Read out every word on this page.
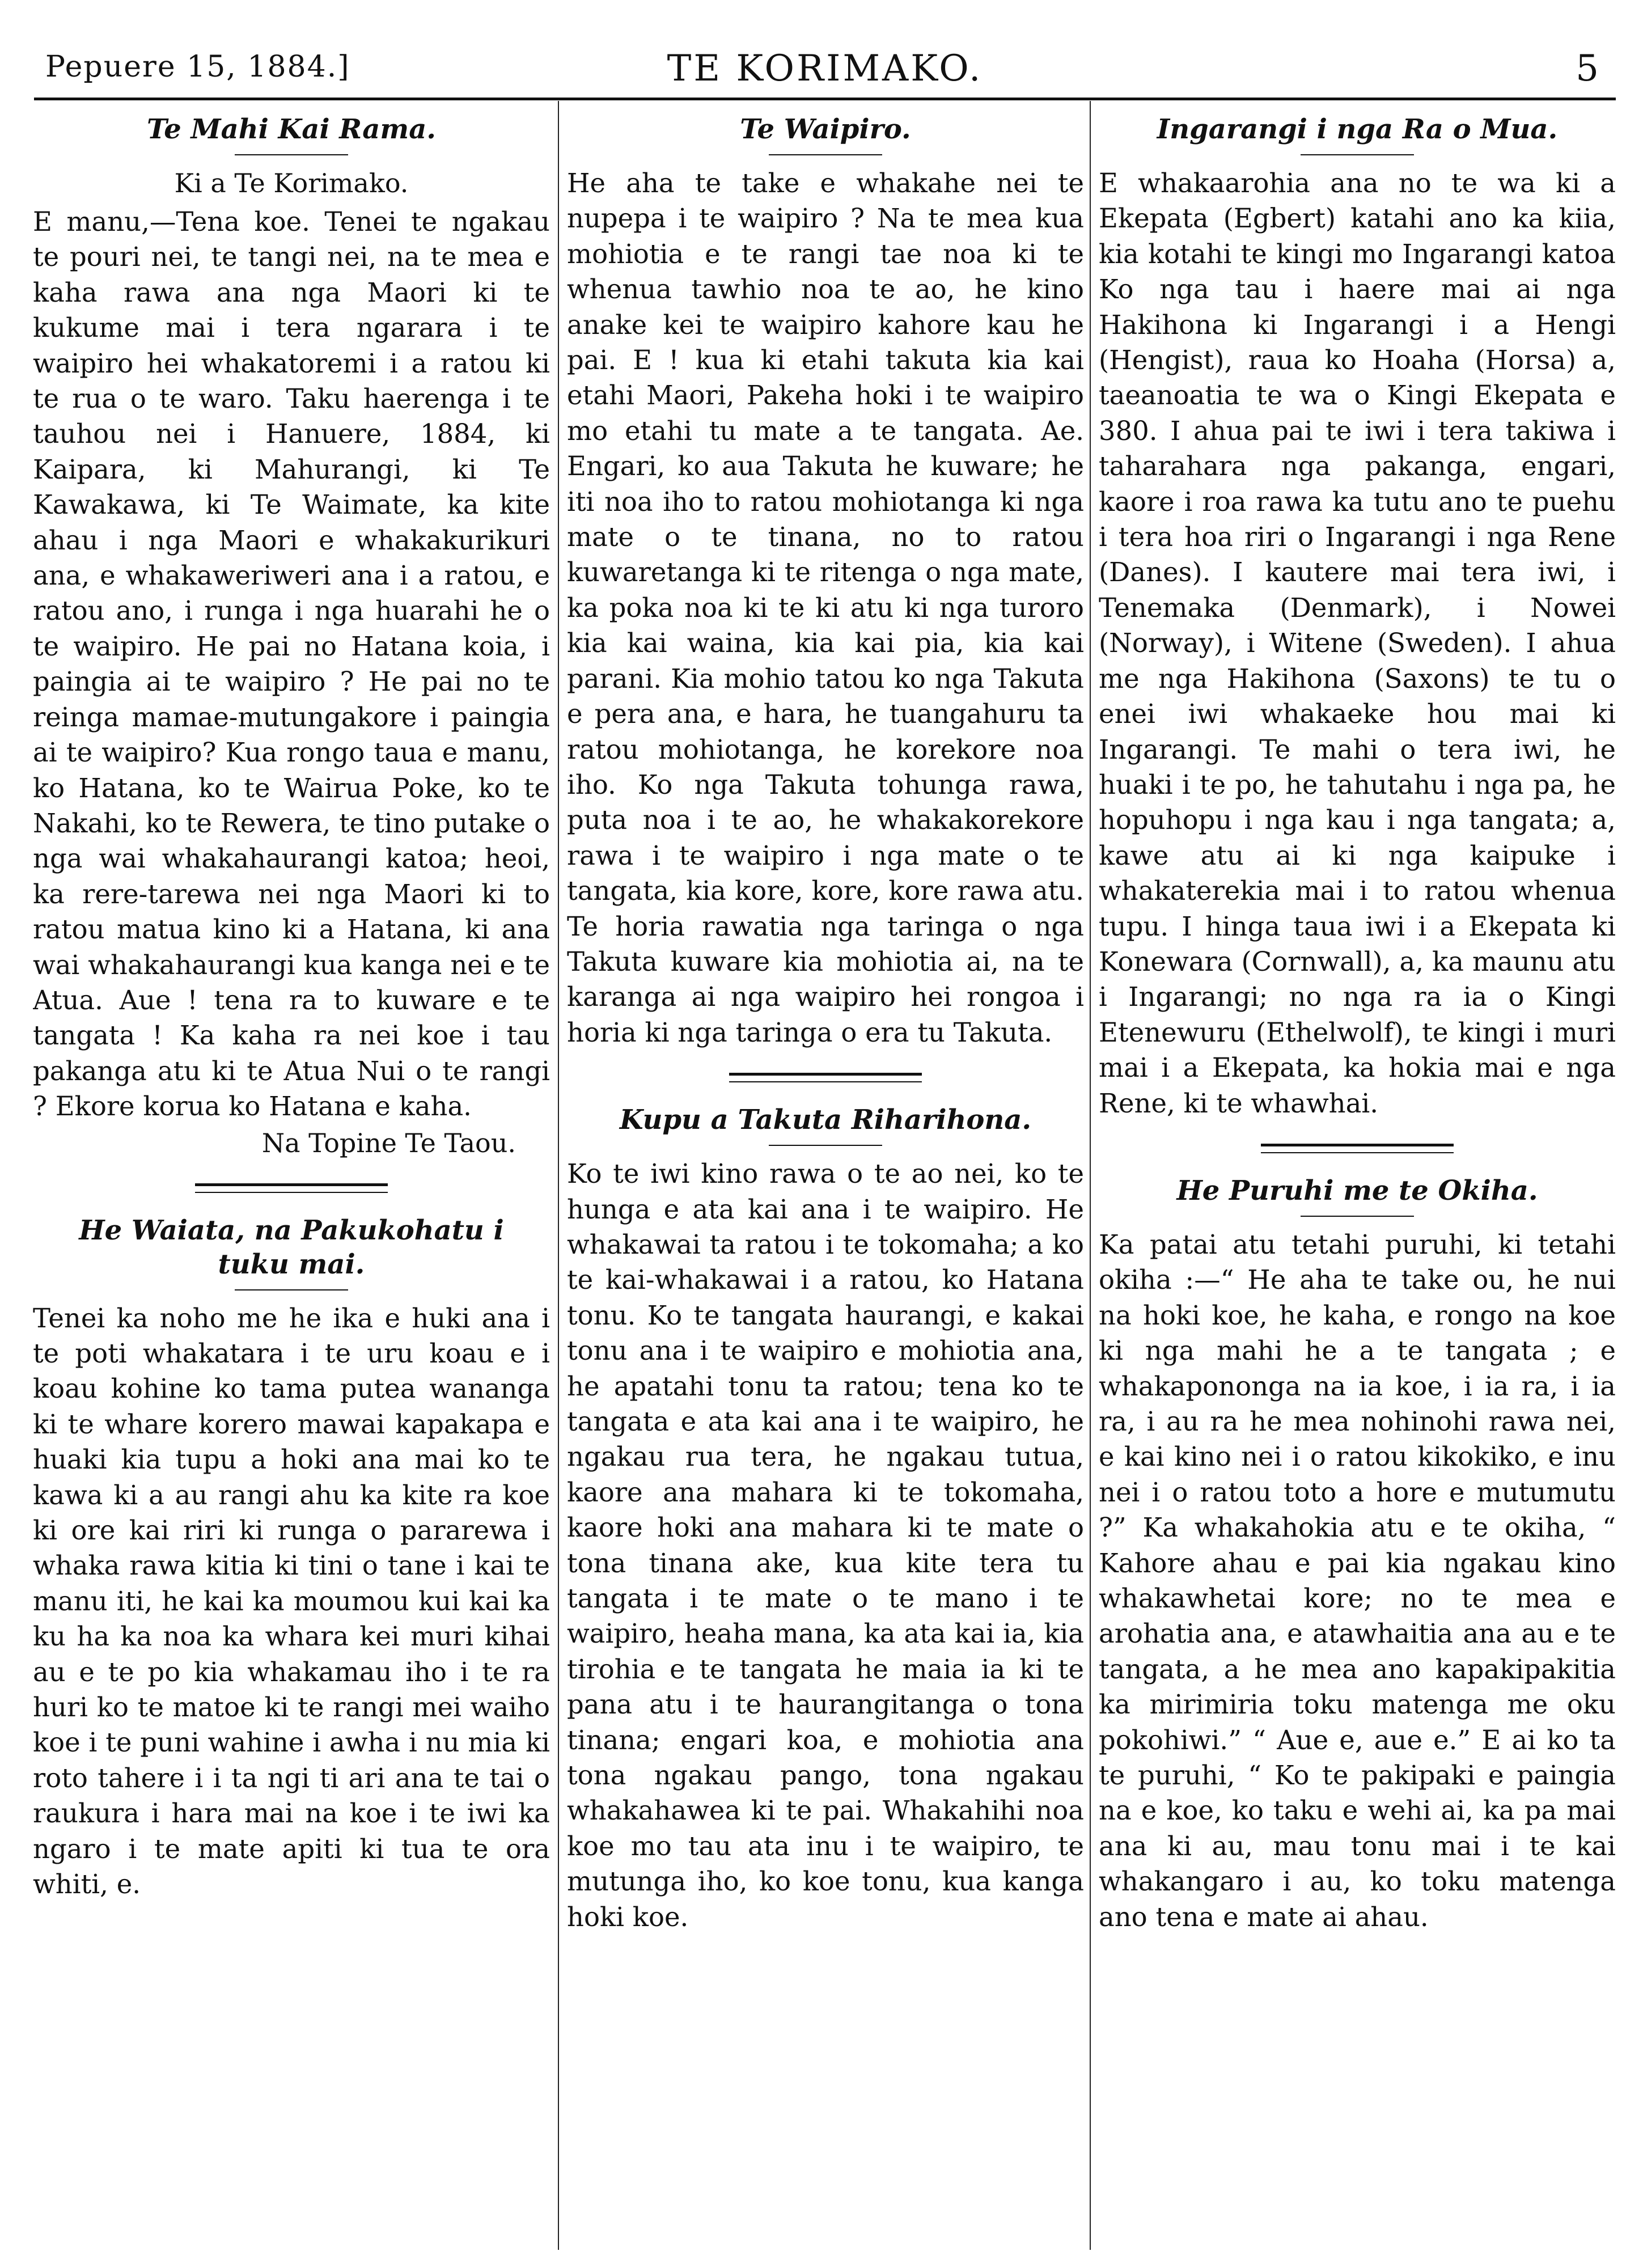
Pepuere 15, 1884.]	TE KORIMAKO.	5
Te Mahi Kai Rama.
Ki a Te Korimako.

E manu,—Tena koe. Tenei te ngakau te pouri nei, te tangi nei, na te mea e kaha rawa ana nga Maori ki te kukume mai i tera ngarara i te waipiro hei whakatoremi i a ratou ki te rua o te waro. Taku haerenga i te tauhou nei i Hanuere, 1884, ki Kaipara, ki Mahurangi, ki Te Kawakawa, ki Te Waimate, ka kite ahau i nga Maori e whakakurikuri ana, e whakaweriweri ana i a ratou, e ratou ano, i runga i nga huarahi he o te waipiro. He pai no Hatana koia, i paingia ai te waipiro ? He pai no te reinga mamae-mutungakore i paingia ai te waipiro? Kua rongo taua e manu, ko Hatana, ko te Wairua Poke, ko te Nakahi, ko te Rewera, te tino putake o nga wai whakahaurangi katoa; heoi, ka rere-tarewa nei nga Maori ki to ratou matua kino ki a Hatana, ki ana wai whakahaurangi kua kanga nei e te Atua. Aue ! tena ra to kuware e te tangata ! Ka kaha ra nei koe i tau pakanga atu ki te Atua Nui o te rangi ? Ekore korua ko Hatana e kaha.

Na Topine Te Taou.
He Waiata, na Pakukohatu i tuku mai.

Tenei ka noho me he ika e huki ana i te poti whakatara i te uru koau e i koau kohine ko tama putea wananga ki te whare korero mawai kapakapa e huaki kia tupu a hoki ana mai ko te kawa ki a au rangi ahu ka kite ra koe ki ore kai riri ki runga o pararewa i whaka rawa kitia ki tini o tane i kai te manu iti, he kai ka moumou kui kai ka ku ha ka noa ka whara kei muri kihai au e te po kia whakamau iho i te ra huri ko te matoe ki te rangi mei waiho koe i te puni wahine i awha i nu mia ki roto tahere i i ta ngi ti ari ana te tai o raukura i hara mai na koe i te iwi ka ngaro i te mate apiti ki tua te ora whiti, e.

Te Waipiro.

He aha te take e whakahe nei te nupepa i te waipiro ? Na te mea kua mohiotia e te rangi tae noa ki te whenua tawhio noa te ao, he kino anake kei te waipiro kahore kau he pai. E ! kua ki etahi takuta kia kai etahi Maori, Pakeha hoki i te waipiro mo etahi tu mate a te tangata. Ae. Engari, ko aua Takuta he kuware; he iti noa iho to ratou mohiotanga ki nga mate o te tinana, no to ratou kuwaretanga ki te ritenga o nga mate, ka poka noa ki te ki atu ki nga turoro kia kai waina, kia kai pia, kia kai parani. Kia mohio tatou ko nga Takuta e pera ana, e hara, he tuangahuru ta ratou mohiotanga, he korekore noa iho. Ko nga Takuta tohunga rawa, puta noa i te ao, he whakakorekore rawa i te waipiro i nga mate o te tangata, kia kore, kore, kore rawa atu. Te horia rawatia nga taringa o nga Takuta kuware kia mohiotia ai, na te karanga ai nga waipiro hei rongoa i horia ki nga taringa o era tu Takuta.

Kupu a Takuta Riharihona.

Ko te iwi kino rawa o te ao nei, ko te hunga e ata kai ana i te waipiro. He whakawai ta ratou i te tokomaha; a ko te kai-whakawai i a ratou, ko Hatana tonu. Ko te tangata haurangi, e kakai tonu ana i te waipiro e mohiotia ana, he apatahi tonu ta ratou; tena ko te tangata e ata kai ana i te waipiro, he ngakau rua tera, he ngakau tutua, kaore ana mahara ki te tokomaha, kaore hoki ana mahara ki te mate o tona tinana ake, kua kite tera tu tangata i te mate o te mano i te waipiro, heaha mana, ka ata kai ia, kia tirohia e te tangata he maia ia ki te pana atu i te haurangitanga o tona tinana; engari koa, e mohiotia ana tona ngakau pango, tona ngakau whakahawea ki te pai. Whakahihi noa koe mo tau ata inu i te waipiro, te mutunga iho, ko koe tonu, kua kanga hoki koe.

Ingarangi i nga Ra o Mua.

E whakaarohia ana no te wa ki a Ekepata (Egbert) katahi ano ka kiia, kia kotahi te kingi mo Ingarangi katoa Ko nga tau i haere mai ai nga Hakihona ki Ingarangi i a Hengi (Hengist), raua ko Hoaha (Horsa) a, taeanoatia te wa o Kingi Ekepata e 380. I ahua pai te iwi i tera takiwa i taharahara nga pakanga, engari, kaore i roa rawa ka tutu ano te puehu i tera hoa riri o Ingarangi i nga Rene (Danes). I kautere mai tera iwi, i Tenemaka (Denmark), i Nowei (Norway), i Witene (Sweden). I ahua me nga Hakihona (Saxons) te tu o enei iwi whakaeke hou mai ki Ingarangi. Te mahi o tera iwi, he huaki i te po, he tahutahu i nga pa, he hopuhopu i nga kau i nga tangata; a, kawe atu ai ki nga kaipuke i whakaterekia mai i to ratou whenua tupu. I hinga taua iwi i a Ekepata ki Konewara (Cornwall), a, ka maunu atu i Ingarangi; no nga ra ia o Kingi Etenewuru (Ethelwolf), te kingi i muri mai i a Ekepata, ka hokia mai e nga Rene, ki te whawhai.

He Puruhi me te Okiha.

Ka patai atu tetahi puruhi, ki tetahi okiha :—“ He aha te take ou, he nui na hoki koe, he kaha, e rongo na koe ki nga mahi he a te tangata ; e whakapononga na ia koe, i ia ra, i ia ra, i au ra he mea nohinohi rawa nei, e kai kino nei i o ratou kikokiko, e inu nei i o ratou toto a hore e mutumutu ?” Ka whakahokia atu e te okiha, “ Kahore ahau e pai kia ngakau kino whakawhetai kore; no te mea e arohatia ana, e atawhaitia ana au e te tangata, a he mea ano kapakipakitia ka mirimiria toku matenga me oku pokohiwi.” “ Aue e, aue e.” E ai ko ta te puruhi, “ Ko te pakipaki e paingia na e koe, ko taku e wehi ai, ka pa mai ana ki au, mau tonu mai i te kai whakangaro i au, ko toku matenga ano tena e mate ai ahau.
